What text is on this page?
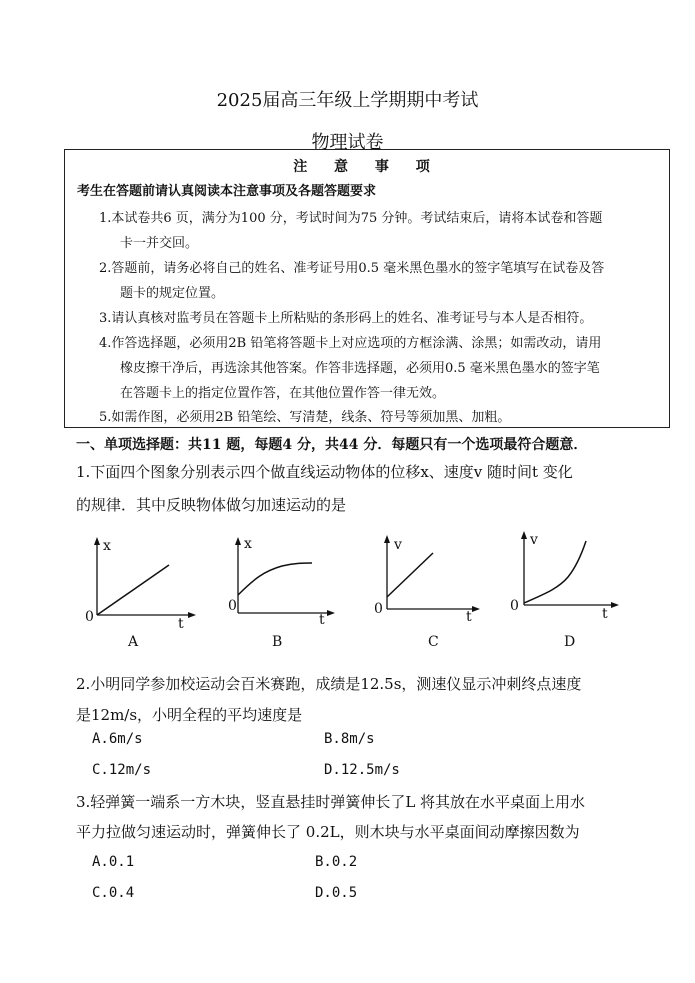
2025届高三年级上学期期中考试
物理试卷
注 意 事 项
考生在答题前请认真阅读本注意事项及各题答题要求
1.本试卷共6 页，满分为100 分，考试时间为75 分钟。考试结束后，请将本试卷和答题
卡一并交回。
2.答题前，请务必将自己的姓名、准考证号用0.5 毫米黑色墨水的签字笔填写在试卷及答
题卡的规定位置。
3.请认真核对监考员在答题卡上所粘贴的条形码上的姓名、准考证号与本人是否相符。
4.作答选择题，必须用2B 铅笔将答题卡上对应选项的方框涂满、涂黑；如需改动，请用
橡皮擦干净后，再选涂其他答案。作答非选择题，必须用0.5 毫米黑色墨水的签字笔
在答题卡上的指定位置作答，在其他位置作答一律无效。
5.如需作图，必须用2B 铅笔绘、写清楚，线条、符号等须加黑、加粗。
一、单项选择题：共11 题，每题4 分，共44 分．每题只有一个选项最符合题意．
1.下面四个图象分别表示四个做直线运动物体的位移x、速度v 随时间t 变化
的规律．其中反映物体做匀加速运动的是
x
0	t
A
x
0
t
B
v
0	t
C
v
0	t
D
2.小明同学参加校运动会百米赛跑，成绩是12.5s，测速仪显示冲刺终点速度
是12m/s，小明全程的平均速度是
A.6m/s	B.8m/s
C.12m/s	D.12.5m/s
3.轻弹簧一端系一方木块，竖直悬挂时弹簧伸长了L 将其放在水平桌面上用水
平力拉做匀速运动时，弹簧伸长了 0.2L，则木块与水平桌面间动摩擦因数为
A.0.1	B.0.2
C.0.4	D.0.5
